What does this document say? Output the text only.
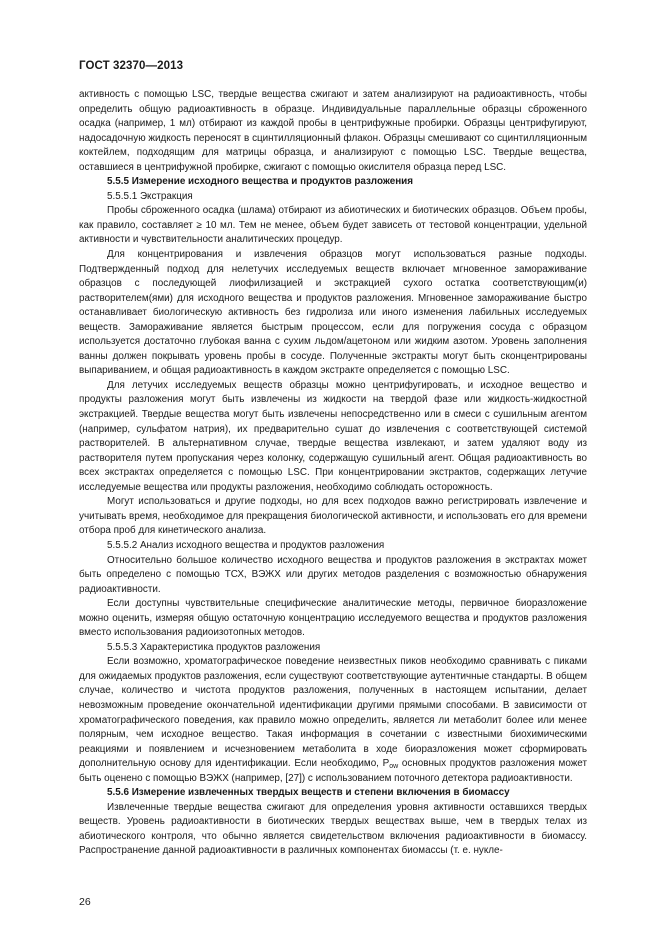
ГОСТ 32370—2013

активность с помощью LSC, твердые вещества сжигают и затем анализируют на радиоактивность, чтобы определить общую радиоактивность в образце. Индивидуальные параллельные образцы сброженного осадка (например, 1 мл) отбирают из каждой пробы в центрифужные пробирки. Образцы центрифугируют, надосадочную жидкость переносят в сцинтилляционный флакон. Образцы смешивают со сцинтилляционным коктейлем, подходящим для матрицы образца, и анализируют с помощью LSC. Твердые вещества, оставшиеся в центрифужной пробирке, сжигают с помощью окислителя образца перед LSC.

5.5.5 Измерение исходного вещества и продуктов разложения

5.5.5.1 Экстракция

Пробы сброженного осадка (шлама) отбирают из абиотических и биотических образцов. Объем пробы, как правило, составляет ≥ 10 мл. Тем не менее, объем будет зависеть от тестовой концентрации, удельной активности и чувствительности аналитических процедур.

Для концентрирования и извлечения образцов могут использоваться разные подходы. Подтвержденный подход для нелетучих исследуемых веществ включает мгновенное замораживание образцов с последующей лиофилизацией и экстракцией сухого остатка соответствующим(и) растворителем(ями) для исходного вещества и продуктов разложения. Мгновенное замораживание быстро останавливает биологическую активность без гидролиза или иного изменения лабильных исследуемых веществ. Замораживание является быстрым процессом, если для погружения сосуда с образцом используется достаточно глубокая ванна с сухим льдом/ацетоном или жидким азотом. Уровень заполнения ванны должен покрывать уровень пробы в сосуде. Полученные экстракты могут быть сконцентрированы выпариванием, и общая радиоактивность в каждом экстракте определяется с помощью LSC.

Для летучих исследуемых веществ образцы можно центрифугировать, и исходное вещество и продукты разложения могут быть извлечены из жидкости на твердой фазе или жидкость-жидкостной экстракцией. Твердые вещества могут быть извлечены непосредственно или в смеси с сушильным агентом (например, сульфатом натрия), их предварительно сушат до извлечения с соответствующей системой растворителей. В альтернативном случае, твердые вещества извлекают, и затем удаляют воду из растворителя путем пропускания через колонку, содержащую сушильный агент. Общая радиоактивность во всех экстрактах определяется с помощью LSC. При концентрировании экстрактов, содержащих летучие исследуемые вещества или продукты разложения, необходимо соблюдать осторожность.

Могут использоваться и другие подходы, но для всех подходов важно регистрировать извлечение и учитывать время, необходимое для прекращения биологической активности, и использовать его для времени отбора проб для кинетического анализа.

5.5.5.2 Анализ исходного вещества и продуктов разложения

Относительно большое количество исходного вещества и продуктов разложения в экстрактах может быть определено с помощью ТСХ, ВЭЖХ или других методов разделения с возможностью обнаружения радиоактивности.

Если доступны чувствительные специфические аналитические методы, первичное биоразложение можно оценить, измеряя общую остаточную концентрацию исследуемого вещества и продуктов разложения вместо использования радиоизотопных методов.

5.5.5.3 Характеристика продуктов разложения

Если возможно, хроматографическое поведение неизвестных пиков необходимо сравнивать с пиками для ожидаемых продуктов разложения, если существуют соответствующие аутентичные стандарты. В общем случае, количество и чистота продуктов разложения, полученных в настоящем испытании, делает невозможным проведение окончательной идентификации другими прямыми способами. В зависимости от хроматографического поведения, как правило можно определить, является ли метаболит более или менее полярным, чем исходное вещество. Такая информация в сочетании с известными биохимическими реакциями и появлением и исчезновением метаболита в ходе биоразложения может сформировать дополнительную основу для идентификации. Если необходимо, $P_{ow}$ основных продуктов разложения может быть оценено с помощью ВЭЖХ (например, [27]) с использованием поточного детектора радиоактивности.

5.5.6 Измерение извлеченных твердых веществ и степени включения в биомассу

Извлеченные твердые вещества сжигают для определения уровня активности оставшихся твердых веществ. Уровень радиоактивности в биотических твердых веществах выше, чем в твердых телах из абиотического контроля, что обычно является свидетельством включения радиоактивности в биомассу. Распространение данной радиоактивности в различных компонентах биомассы (т. е. нукле-

26
